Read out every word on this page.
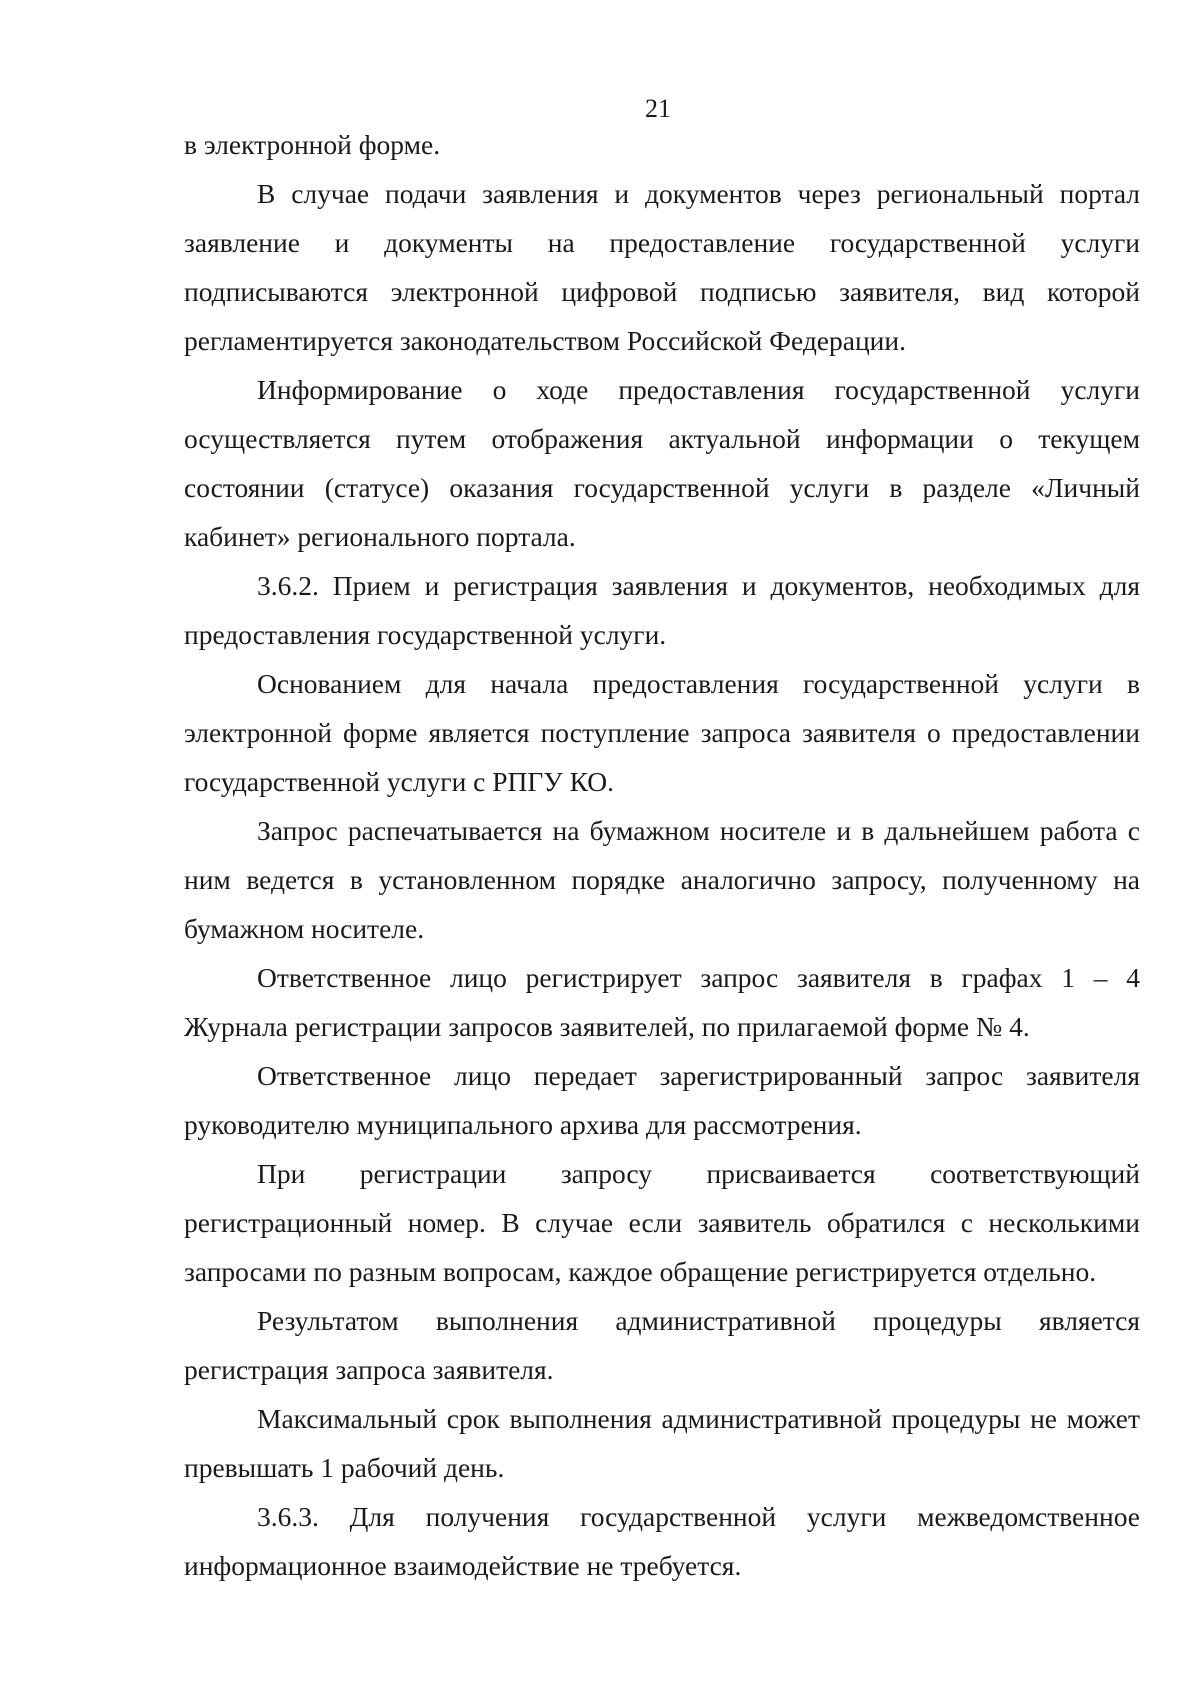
21

в электронной форме.

В случае подачи заявления и документов через региональный портал заявление и документы на предоставление государственной услуги подписываются электронной цифровой подписью заявителя, вид которой регламентируется законодательством Российской Федерации.

Информирование о ходе предоставления государственной услуги осуществляется путем отображения актуальной информации о текущем состоянии (статусе) оказания государственной услуги в разделе «Личный кабинет» регионального портала.

3.6.2. Прием и регистрация заявления и документов, необходимых для предоставления государственной услуги.

Основанием для начала предоставления государственной услуги в электронной форме является поступление запроса заявителя о предоставлении государственной услуги с РПГУ КО.

Запрос распечатывается на бумажном носителе и в дальнейшем работа с ним ведется в установленном порядке аналогично запросу, полученному на бумажном носителе.

Ответственное лицо регистрирует запрос заявителя в графах 1 – 4 Журнала регистрации запросов заявителей, по прилагаемой форме № 4.

Ответственное лицо передает зарегистрированный запрос заявителя руководителю муниципального архива для рассмотрения.

При регистрации запросу присваивается соответствующий регистрационный номер. В случае если заявитель обратился с несколькими запросами по разным вопросам, каждое обращение регистрируется отдельно.

Результатом выполнения административной процедуры является регистрация запроса заявителя.

Максимальный срок выполнения административной процедуры не может превышать 1 рабочий день.

3.6.3. Для получения государственной услуги межведомственное информационное взаимодействие не требуется.
